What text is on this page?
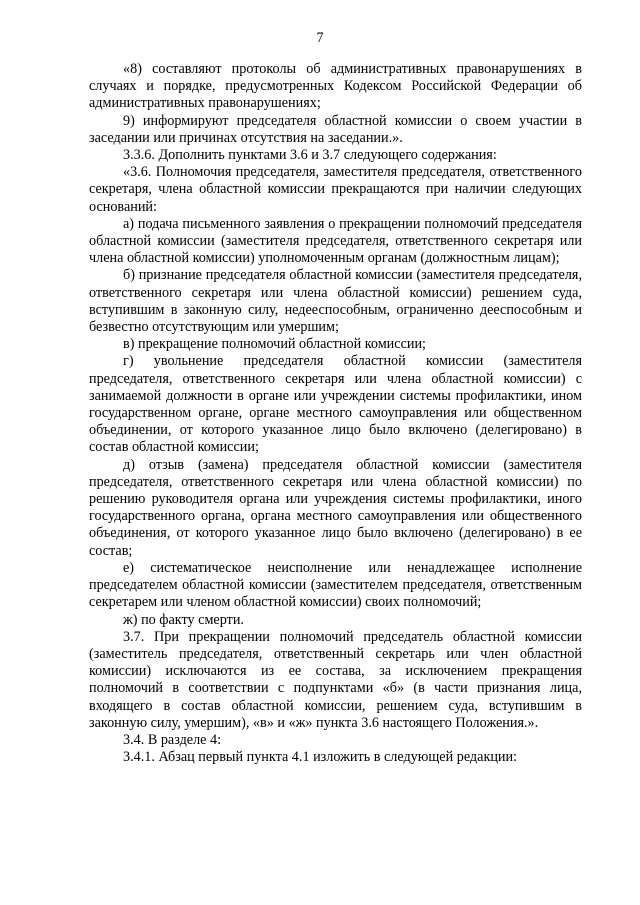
7

«8) составляют протоколы об административных правонарушениях в случаях и порядке, предусмотренных Кодексом Российской Федерации об административных правонарушениях;

9) информируют председателя областной комиссии о своем участии в заседании или причинах отсутствия на заседании.».

3.3.6. Дополнить пунктами 3.6 и 3.7 следующего содержания:

«3.6. Полномочия председателя, заместителя председателя, ответственного секретаря, члена областной комиссии прекращаются при наличии следующих оснований:

а) подача письменного заявления о прекращении полномочий председателя областной комиссии (заместителя председателя, ответственного секретаря или члена областной комиссии) уполномоченным органам (должностным лицам);

б) признание председателя областной комиссии (заместителя председателя, ответственного секретаря или члена областной комиссии) решением суда, вступившим в законную силу, недееспособным, ограниченно дееспособным и безвестно отсутствующим или умершим;

в) прекращение полномочий областной комиссии;

г) увольнение председателя областной комиссии (заместителя председателя, ответственного секретаря или члена областной комиссии) с занимаемой должности в органе или учреждении системы профилактики, ином государственном органе, органе местного самоуправления или общественном объединении, от которого указанное лицо было включено (делегировано) в состав областной комиссии;

д) отзыв (замена) председателя областной комиссии (заместителя председателя, ответственного секретаря или члена областной комиссии) по решению руководителя органа или учреждения системы профилактики, иного государственного органа, органа местного самоуправления или общественного объединения, от которого указанное лицо было включено (делегировано) в ее состав;

е) систематическое неисполнение или ненадлежащее исполнение председателем областной комиссии (заместителем председателя, ответственным секретарем или членом областной комиссии) своих полномочий;

ж) по факту смерти.

3.7. При прекращении полномочий председатель областной комиссии (заместитель председателя, ответственный секретарь или член областной комиссии) исключаются из ее состава, за исключением прекращения полномочий в соответствии с подпунктами «б» (в части признания лица, входящего в состав областной комиссии, решением суда, вступившим в законную силу, умершим), «в» и «ж» пункта 3.6 настоящего Положения.».

3.4. В разделе 4:

3.4.1. Абзац первый пункта 4.1 изложить в следующей редакции:
